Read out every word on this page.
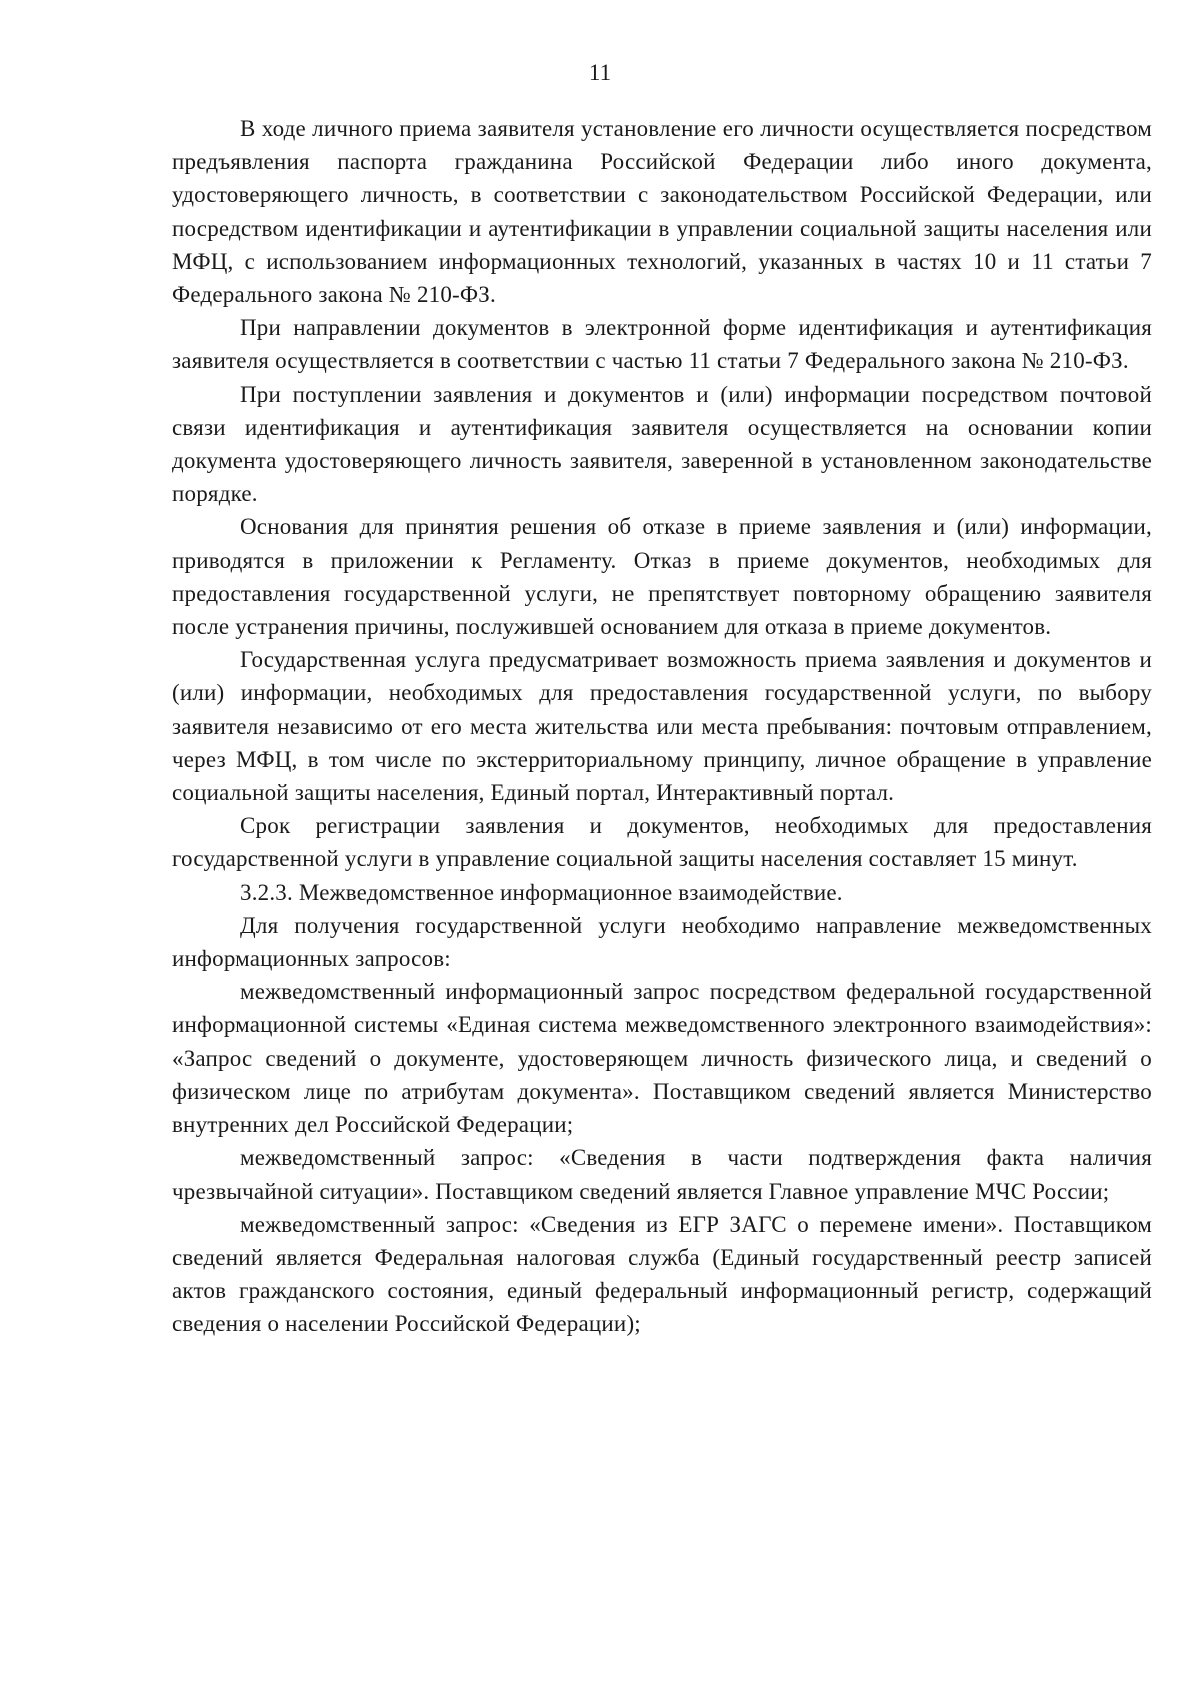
11

В ходе личного приема заявителя установление его личности осуществляется посредством предъявления паспорта гражданина Российской Федерации либо иного документа, удостоверяющего личность, в соответствии с законодательством Российской Федерации, или посредством идентификации и аутентификации в управлении социальной защиты населения или МФЦ, с использованием информационных технологий, указанных в частях 10 и 11 статьи 7 Федерального закона № 210-ФЗ.

При направлении документов в электронной форме идентификация и аутентификация заявителя осуществляется в соответствии с частью 11 статьи 7 Федерального закона № 210-ФЗ.

При поступлении заявления и документов и (или) информации посредством почтовой связи идентификация и аутентификация заявителя осуществляется на основании копии документа удостоверяющего личность заявителя, заверенной в установленном законодательстве порядке.

Основания для принятия решения об отказе в приеме заявления и (или) информации, приводятся в приложении к Регламенту. Отказ в приеме документов, необходимых для предоставления государственной услуги, не препятствует повторному обращению заявителя после устранения причины, послужившей основанием для отказа в приеме документов.

Государственная услуга предусматривает возможность приема заявления и документов и (или) информации, необходимых для предоставления государственной услуги, по выбору заявителя независимо от его места жительства или места пребывания: почтовым отправлением, через МФЦ, в том числе по экстерриториальному принципу, личное обращение в управление социальной защиты населения, Единый портал, Интерактивный портал.

Срок регистрации заявления и документов, необходимых для предоставления государственной услуги в управление социальной защиты населения составляет 15 минут.

3.2.3. Межведомственное информационное взаимодействие.

Для получения государственной услуги необходимо направление межведомственных информационных запросов:

межведомственный информационный запрос посредством федеральной государственной информационной системы «Единая система межведомственного электронного взаимодействия»: «Запрос сведений о документе, удостоверяющем личность физического лица, и сведений о физическом лице по атрибутам документа». Поставщиком сведений является Министерство внутренних дел Российской Федерации;

межведомственный запрос: «Сведения в части подтверждения факта наличия чрезвычайной ситуации». Поставщиком сведений является Главное управление МЧС России;

межведомственный запрос: «Сведения из ЕГР ЗАГС о перемене имени». Поставщиком сведений является Федеральная налоговая служба (Единый государственный реестр записей актов гражданского состояния, единый федеральный информационный регистр, содержащий сведения о населении Российской Федерации);
